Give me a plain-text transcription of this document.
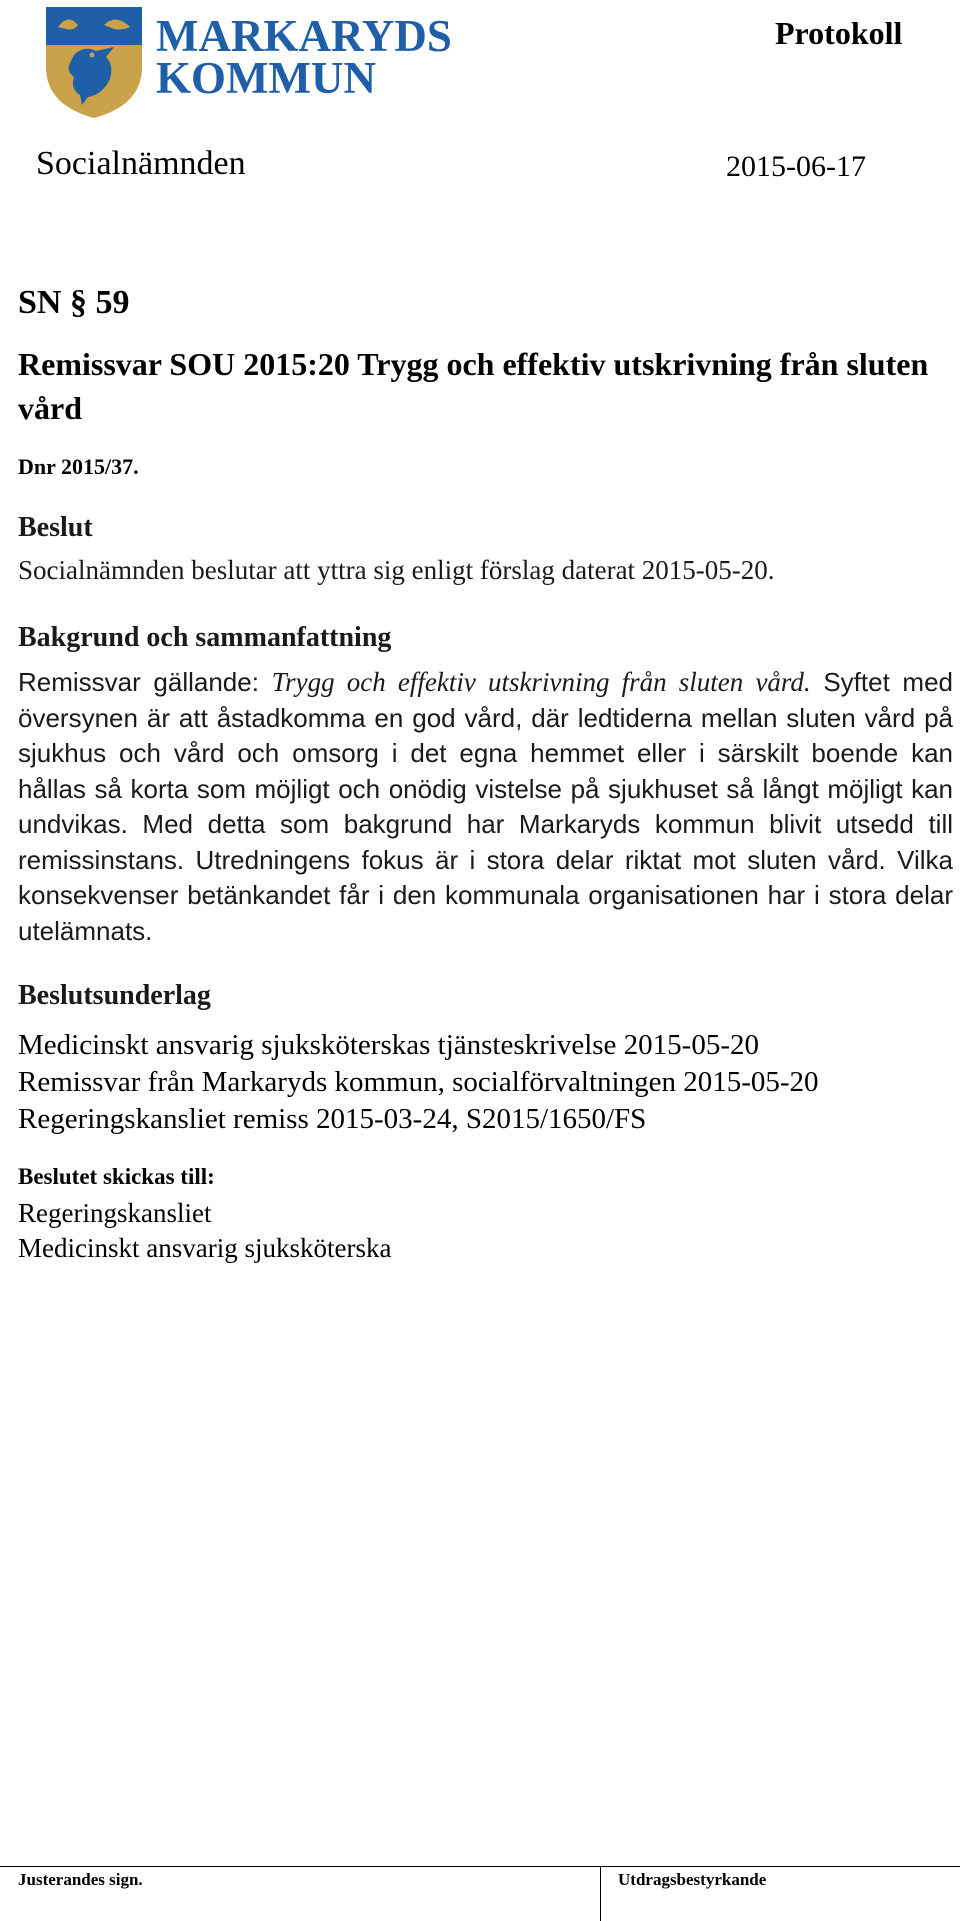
MARKARYDS
KOMMUN
Protokoll
Socialnämnden	2015-06-17
SN § 59
Remissvar SOU 2015:20 Trygg och effektiv utskrivning från sluten vård
Dnr 2015/37.
Beslut
Socialnämnden beslutar att yttra sig enligt förslag daterat 2015-05-20.
Bakgrund och sammanfattning
Remissvar gällande: Trygg och effektiv utskrivning från sluten vård. Syftet med översynen är att åstadkomma en god vård, där ledtiderna mellan sluten vård på sjukhus och vård och omsorg i det egna hemmet eller i särskilt boende kan hållas så korta som möjligt och onödig vistelse på sjukhuset så långt möjligt kan undvikas. Med detta som bakgrund har Markaryds kommun blivit utsedd till remissinstans. Utredningens fokus är i stora delar riktat mot sluten vård. Vilka konsekvenser betänkandet får i den kommunala organisationen har i stora delar utelämnats.
Beslutsunderlag
Medicinskt ansvarig sjuksköterskas tjänsteskrivelse 2015-05-20
Remissvar från Markaryds kommun, socialförvaltningen 2015-05-20
Regeringskansliet remiss 2015-03-24, S2015/1650/FS
Beslutet skickas till:
Regeringskansliet
Medicinskt ansvarig sjuksköterska
Justerandes sign.	Utdragsbestyrkande
